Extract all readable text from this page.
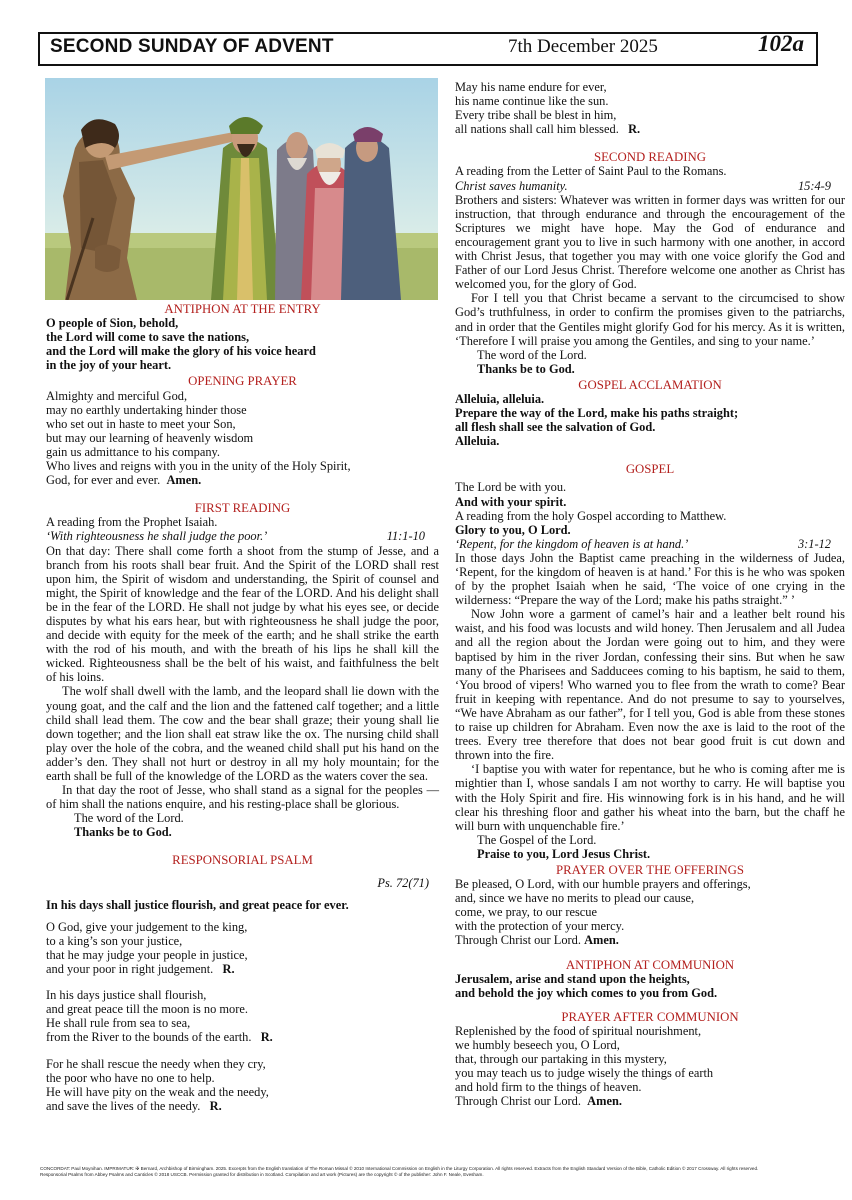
SECOND SUNDAY OF ADVENT	7th December 2025	102a
ANTIPHON AT THE ENTRY

O people of Sion, behold,

the Lord will come to save the nations,

and the Lord will make the glory of his voice heard

in the joy of your heart.

OPENING PRAYER

Almighty and merciful God,

may no earthly undertaking hinder those

who set out in haste to meet your Son,

but may our learning of heavenly wisdom

gain us admittance to his company.

Who lives and reigns with you in the unity of the Holy Spirit,

God, for ever and ever. Amen.

FIRST READING

A reading from the Prophet Isaiah.

‘With righteousness he shall judge the poor.’	11:1-10

On that day: There shall come forth a shoot from the stump of Jesse, and a branch from his roots shall bear fruit. And the Spirit of the LORD shall rest upon him, the Spirit of wisdom and understanding, the Spirit of counsel and might, the Spirit of knowledge and the fear of the LORD. And his delight shall be in the fear of the LORD. He shall not judge by what his eyes see, or decide disputes by what his ears hear, but with righteousness he shall judge the poor, and decide with equity for the meek of the earth; and he shall strike the earth with the rod of his mouth, and with the breath of his lips he shall kill the wicked. Righteousness shall be the belt of his waist, and faithfulness the belt of his loins.

The wolf shall dwell with the lamb, and the leopard shall lie down with the young goat, and the calf and the lion and the fattened calf together; and a little child shall lead them. The cow and the bear shall graze; their young shall lie down together; and the lion shall eat straw like the ox. The nursing child shall play over the hole of the cobra, and the weaned child shall put his hand on the adder’s den. They shall not hurt or destroy in all my holy mountain; for the earth shall be full of the knowledge of the LORD as the waters cover the sea.

In that day the root of Jesse, who shall stand as a signal for the peoples — of him shall the nations enquire, and his resting-place shall be glorious.

The word of the Lord.

Thanks be to God.

RESPONSORIAL PSALM

Ps. 72(71)

In his days shall justice flourish, and great peace for ever.

O God, give your judgement to the king,

to a king’s son your justice,

that he may judge your people in justice,

and your poor in right judgement. R.

In his days justice shall flourish,

and great peace till the moon is no more.

He shall rule from sea to sea,

from the River to the bounds of the earth. R.

For he shall rescue the needy when they cry,

the poor who have no one to help.

He will have pity on the weak and the needy,

and save the lives of the needy. R.

May his name endure for ever,

his name continue like the sun.

Every tribe shall be blest in him,

all nations shall call him blessed. R.

SECOND READING

A reading from the Letter of Saint Paul to the Romans.

Christ saves humanity.	15:4-9

Brothers and sisters: Whatever was written in former days was written for our instruction, that through endurance and through the encouragement of the Scriptures we might have hope. May the God of endurance and encouragement grant you to live in such harmony with one another, in accord with Christ Jesus, that together you may with one voice glorify the God and Father of our Lord Jesus Christ. Therefore welcome one another as Christ has welcomed you, for the glory of God.

For I tell you that Christ became a servant to the circumcised to show God’s truthfulness, in order to confirm the promises given to the patriarchs, and in order that the Gentiles might glorify God for his mercy. As it is written, ‘Therefore I will praise you among the Gentiles, and sing to your name.’

The word of the Lord.

Thanks be to God.

GOSPEL ACCLAMATION

Alleluia, alleluia.

Prepare the way of the Lord, make his paths straight;

all flesh shall see the salvation of God.

Alleluia.

GOSPEL

The Lord be with you.

And with your spirit.

A reading from the holy Gospel according to Matthew.

Glory to you, O Lord.

‘Repent, for the kingdom of heaven is at hand.’	3:1-12

In those days John the Baptist came preaching in the wilderness of Judea, ‘Repent, for the kingdom of heaven is at hand.’ For this is he who was spoken of by the prophet Isaiah when he said, ‘The voice of one crying in the wilderness: “Prepare the way of the Lord; make his paths straight.” ’

Now John wore a garment of camel’s hair and a leather belt round his waist, and his food was locusts and wild honey. Then Jerusalem and all Judea and all the region about the Jordan were going out to him, and they were baptised by him in the river Jordan, confessing their sins. But when he saw many of the Pharisees and Sadducees coming to his baptism, he said to them, ‘You brood of vipers! Who warned you to flee from the wrath to come? Bear fruit in keeping with repentance. And do not presume to say to yourselves, “We have Abraham as our father”, for I tell you, God is able from these stones to raise up children for Abraham. Even now the axe is laid to the root of the trees. Every tree therefore that does not bear good fruit is cut down and thrown into the fire.

‘I baptise you with water for repentance, but he who is coming after me is mightier than I, whose sandals I am not worthy to carry. He will baptise you with the Holy Spirit and fire. His winnowing fork is in his hand, and he will clear his threshing floor and gather his wheat into the barn, but the chaff he will burn with unquenchable fire.’

The Gospel of the Lord.

Praise to you, Lord Jesus Christ.

PRAYER OVER THE OFFERINGS

Be pleased, O Lord, with our humble prayers and offerings,

and, since we have no merits to plead our cause,

come, we pray, to our rescue

with the protection of your mercy.

Through Christ our Lord. Amen.

ANTIPHON AT COMMUNION

Jerusalem, arise and stand upon the heights,

and behold the joy which comes to you from God.

PRAYER AFTER COMMUNION

Replenished by the food of spiritual nourishment,

we humbly beseech you, O Lord,

that, through our partaking in this mystery,

you may teach us to judge wisely the things of earth

and hold firm to the things of heaven.

Through Christ our Lord. Amen.

CONCORDAT: Paul Moynihan. IMPRIMATUR: ✠ Bernard, Archbishop of Birmingham. 2025. Excerpts from the English translation of The Roman Missal © 2010 International Commission on English in the Liturgy Corporation. All rights reserved. Extracts from the English Standard Version of the Bible, Catholic Edition © 2017 Crossway. All rights reserved.

Responsorial Psalms from Abbey Psalms and Canticles © 2018 USCCB. Permission granted for distribution in Scotland. Compilation and art work (Pictures) are the copyright © of the publisher: John F. Neale, Evesham.
